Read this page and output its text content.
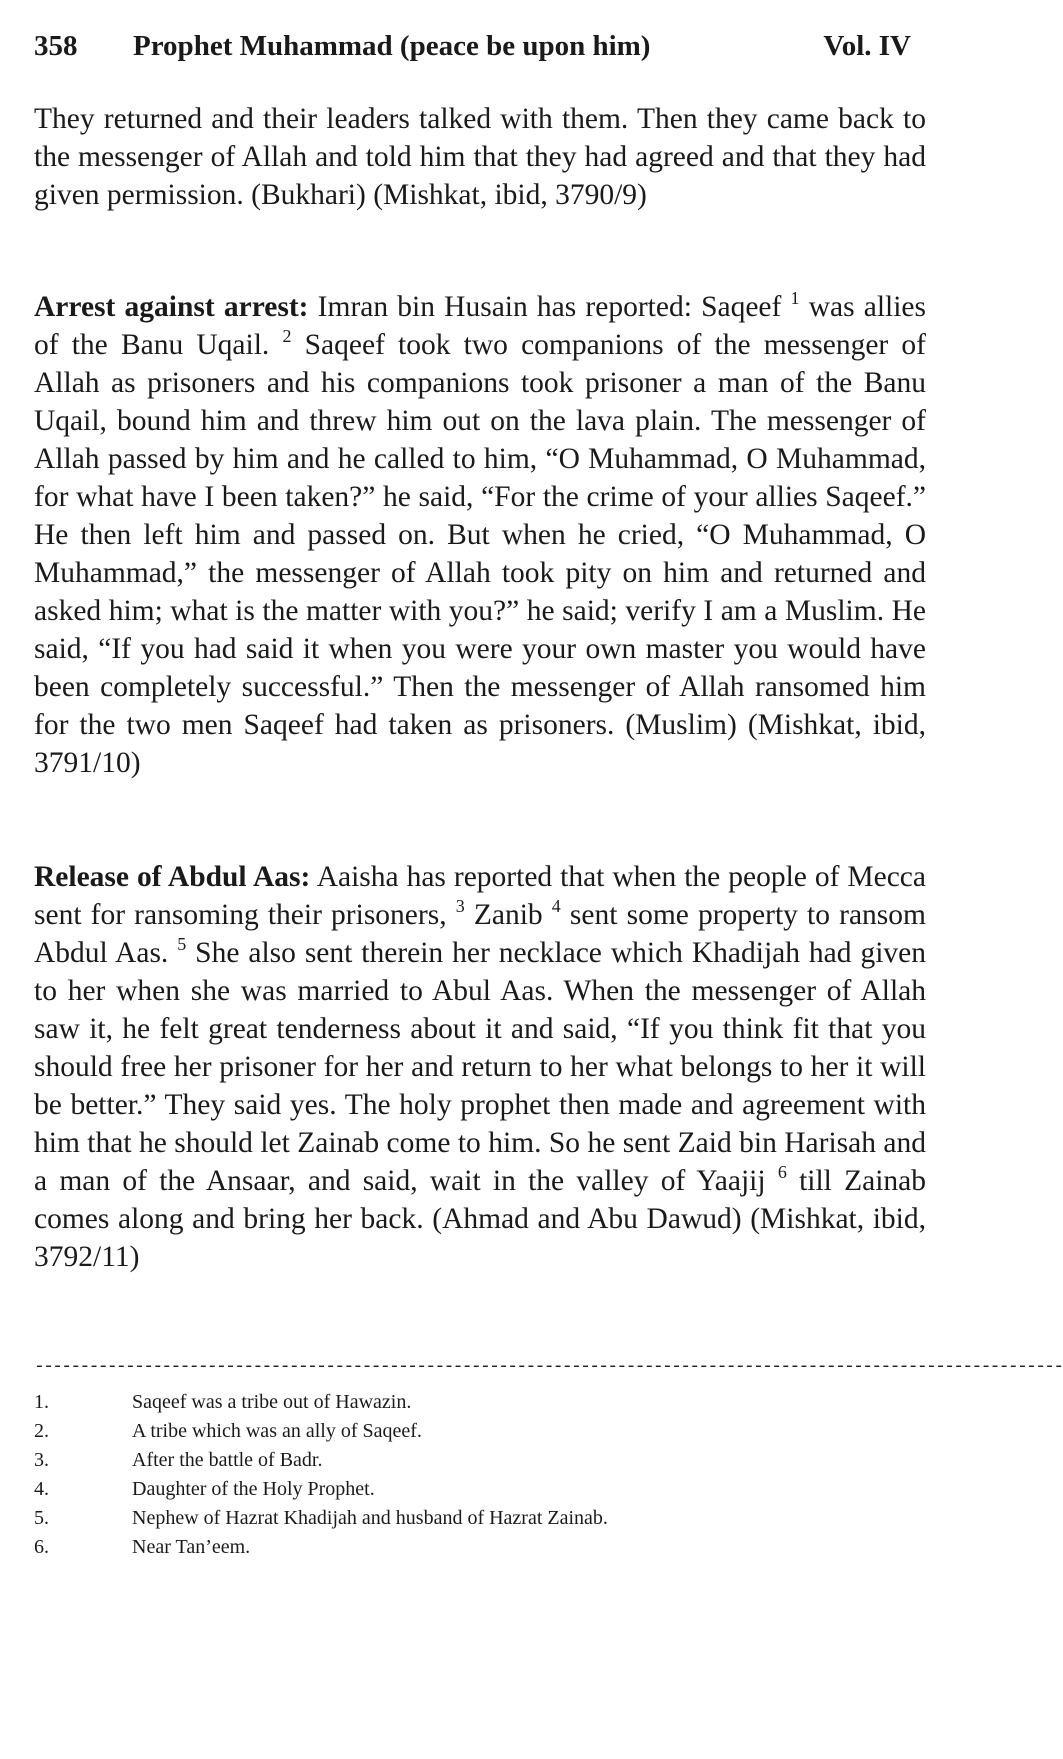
358 Prophet Muhammad (peace be upon him)	Vol. IV

They returned and their leaders talked with them. Then they came back to the messenger of Allah and told him that they had agreed and that they had given permission. (Bukhari) (Mishkat, ibid, 3790/9)

Arrest against arrest: Imran bin Husain has reported: Saqeef $^1$ was allies of the Banu Uqail. $^2$ Saqeef took two companions of the messenger of Allah as prisoners and his companions took prisoner a man of the Banu Uqail, bound him and threw him out on the lava plain. The messenger of Allah passed by him and he called to him, “O Muhammad, O Muhammad, for what have I been taken?” he said, “For the crime of your allies Saqeef.” He then left him and passed on. But when he cried, “O Muhammad, O Muhammad,” the messenger of Allah took pity on him and returned and asked him; what is the matter with you?” he said; verify I am a Muslim. He said, “If you had said it when you were your own master you would have been completely successful.” Then the messenger of Allah ransomed him for the two men Saqeef had taken as prisoners. (Muslim) (Mishkat, ibid, 3791/10)

Release of Abdul Aas: Aaisha has reported that when the people of Mecca sent for ransoming their prisoners, $^3$ Zanib $^4$ sent some property to ransom Abdul Aas. $^5$ She also sent therein her necklace which Khadijah had given to her when she was married to Abul Aas. When the messenger of Allah saw it, he felt great tenderness about it and said, “If you think fit that you should free her prisoner for her and return to her what belongs to her it will be better.” They said yes. The holy prophet then made and agreement with him that he should let Zainab come to him. So he sent Zaid bin Harisah and a man of the Ansaar, and said, wait in the valley of Yaajij $^6$ till Zainab comes along and bring her back. (Ahmad and Abu Dawud) (Mishkat, ibid, 3792/11)

-----------------------------------------------------------------------------------------------------------------
1.	Saqeef was a tribe out of Hawazin.
2.	A tribe which was an ally of Saqeef.
3.	After the battle of Badr.
4.	Daughter of the Holy Prophet.
5.	Nephew of Hazrat Khadijah and husband of Hazrat Zainab.
6.	Near Tan’eem.
